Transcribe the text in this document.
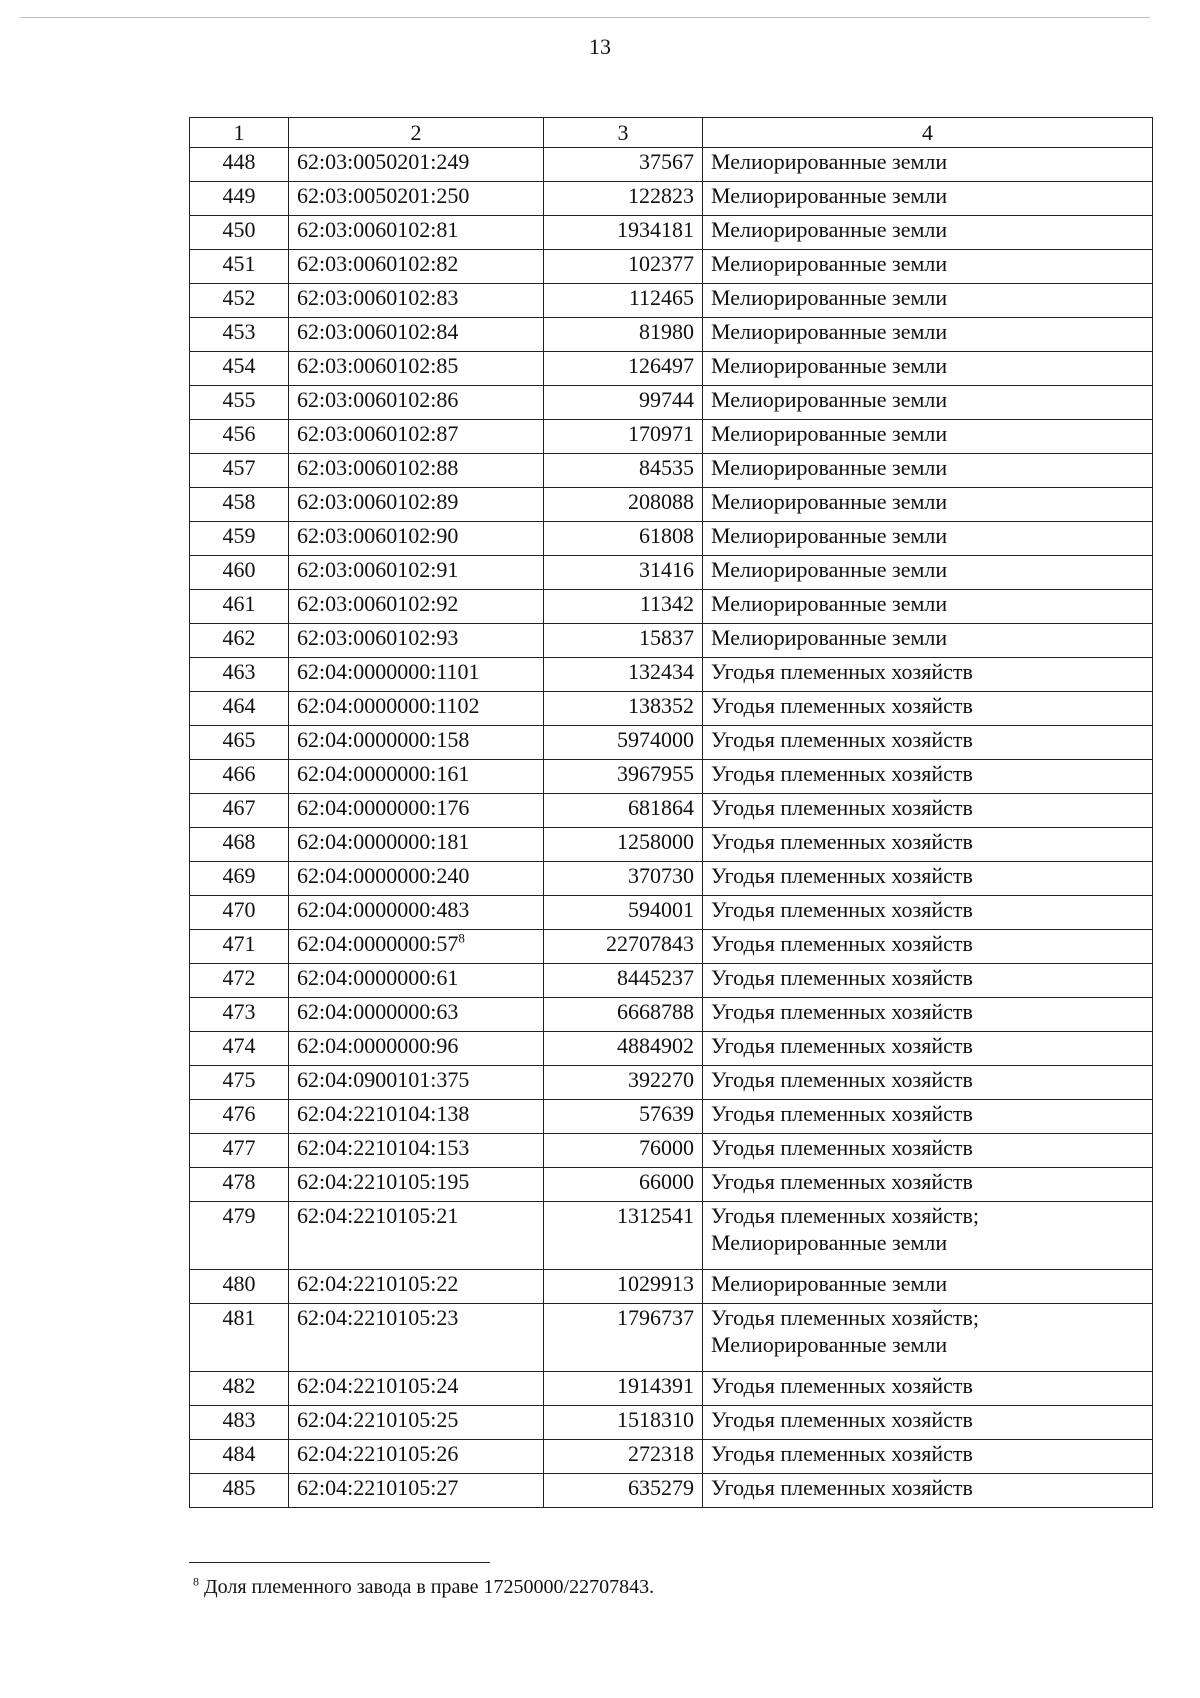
13
1	2	3	4
448	62:03:0050201:249	37567	Мелиорированные земли
449	62:03:0050201:250	122823	Мелиорированные земли
450	62:03:0060102:81	1934181	Мелиорированные земли
451	62:03:0060102:82	102377	Мелиорированные земли
452	62:03:0060102:83	112465	Мелиорированные земли
453	62:03:0060102:84	81980	Мелиорированные земли
454	62:03:0060102:85	126497	Мелиорированные земли
455	62:03:0060102:86	99744	Мелиорированные земли
456	62:03:0060102:87	170971	Мелиорированные земли
457	62:03:0060102:88	84535	Мелиорированные земли
458	62:03:0060102:89	208088	Мелиорированные земли
459	62:03:0060102:90	61808	Мелиорированные земли
460	62:03:0060102:91	31416	Мелиорированные земли
461	62:03:0060102:92	11342	Мелиорированные земли
462	62:03:0060102:93	15837	Мелиорированные земли
463	62:04:0000000:1101	132434	Угодья племенных хозяйств
464	62:04:0000000:1102	138352	Угодья племенных хозяйств
465	62:04:0000000:158	5974000	Угодья племенных хозяйств
466	62:04:0000000:161	3967955	Угодья племенных хозяйств
467	62:04:0000000:176	681864	Угодья племенных хозяйств
468	62:04:0000000:181	1258000	Угодья племенных хозяйств
469	62:04:0000000:240	370730	Угодья племенных хозяйств
470	62:04:0000000:483	594001	Угодья племенных хозяйств
471	$62:04:0000000:57^8$	22707843	Угодья племенных хозяйств
472	62:04:0000000:61	8445237	Угодья племенных хозяйств
473	62:04:0000000:63	6668788	Угодья племенных хозяйств
474	62:04:0000000:96	4884902	Угодья племенных хозяйств
475	62:04:0900101:375	392270	Угодья племенных хозяйств
476	62:04:2210104:138	57639	Угодья племенных хозяйств
477	62:04:2210104:153	76000	Угодья племенных хозяйств
478	62:04:2210105:195	66000	Угодья племенных хозяйств
479	62:04:2210105:21	1312541	Угодья племенных хозяйств;
Мелиорированные земли
480	62:04:2210105:22	1029913	Мелиорированные земли
481	62:04:2210105:23	1796737	Угодья племенных хозяйств;
Мелиорированные земли
482	62:04:2210105:24	1914391	Угодья племенных хозяйств
483	62:04:2210105:25	1518310	Угодья племенных хозяйств
484	62:04:2210105:26	272318	Угодья племенных хозяйств
485	62:04:2210105:27	635279	Угодья племенных хозяйств
$^8$ Доля племенного завода в праве 17250000/22707843.
